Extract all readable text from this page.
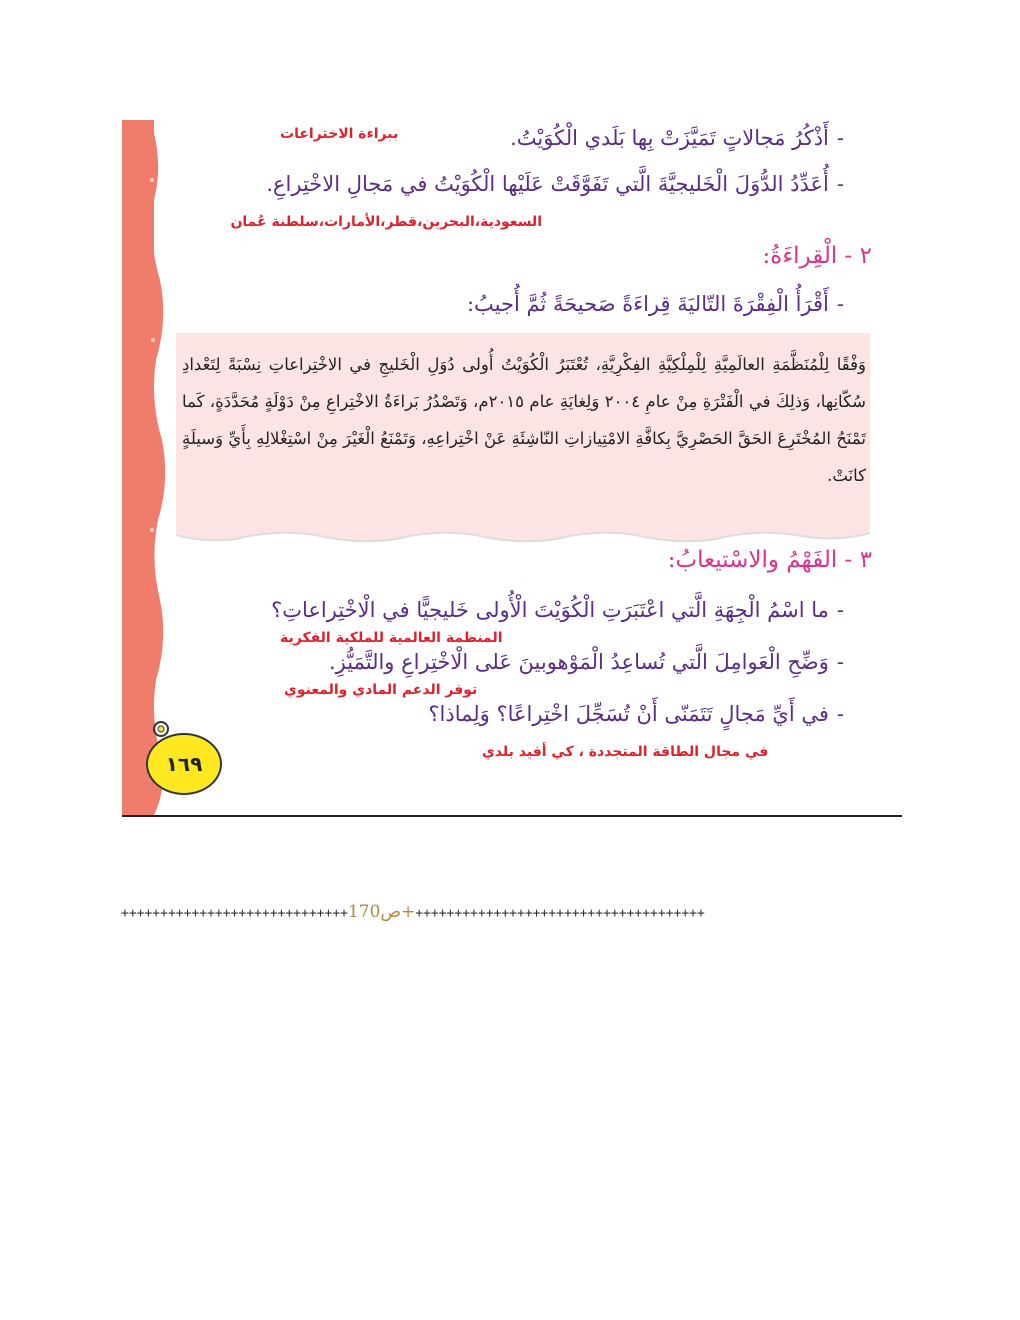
-أَذْكُرُ مَجالاتٍ تَمَيَّزَتْ بِها بَلَدي الْكُوَيْتُ.
ببراءة الاختراعات
-أُعَدِّدُ الدُّوَلَ الْخَليجيَّةَ الَّتي تَفَوَّقَتْ عَلَيْها الْكُوَيْتُ في مَجالِ الاخْتِراعِ.
السعودية،البحرين،قطر،الأمارات،سلطنة عُمان
٢ - الْقِراءَةُ:
-أَقْرَأُ الْفِقْرَةَ التّاليَةَ قِراءَةً صَحيحَةً ثُمَّ أُجيبُ:
وَفْقًا لِلْمُنَظَّمَةِ العالَمِيَّةِ لِلْمِلْكِيَّةِ الفِكْرِيَّةِ، تُعْتَبَرُ الْكُوَيْتُ أُولى دُوَلِ الْخَليجِ في الاخْتِراعاتِ نِسْبَةً لِتَعْدادِ سُكّانِها، وَذلِكَ في الْفَتْرَةِ مِنْ عامِ ٢٠٠٤ وَلِغايَةِ عام ٢٠١٥م، وَتَصْدُرُ بَراءَةُ الاخْتِراعِ مِنْ دَوْلَةٍ مُحَدَّدَةٍ، كَما تَمْنَحُ المُخْتَرِعَ الحَقَّ الحَصْرِيَّ بِكافَّةِ الامْتِيازاتِ النّاشِئَةِ عَنْ اخْتِراعِهِ، وَتَمْنَعُ الْغَيْرَ مِنْ اسْتِغْلالِهِ بِأَيِّ وَسيلَةٍ كانَتْ.
٣ - الفَهْمُ والاسْتيعابُ:
-ما اسْمُ الْجِهَةِ الَّتي اعْتَبَرَتِ الْكُوَيْتَ الْأُولى خَليجيًّا في الْاخْتِراعاتِ؟
المنظمة العالمية للملكية الفكرية
-وَضِّحِ الْعَوامِلَ الَّتي تُساعِدُ الْمَوْهوبينَ عَلى الْاخْتِراعِ والتَّمَيُّزِ.
توفر الدعم المادي والمعنوي
-في أَيِّ مَجالٍ تَتَمَنّى أَنْ تُسَجِّلَ اخْتِراعًا؟ وَلِماذا؟
في مجال الطاقة المتجددة ، كي أفيد بلدي
١٦٩
+++++++++++++++++++++++++++++ص170++++++++++++++++++++++++++++++++++++++
